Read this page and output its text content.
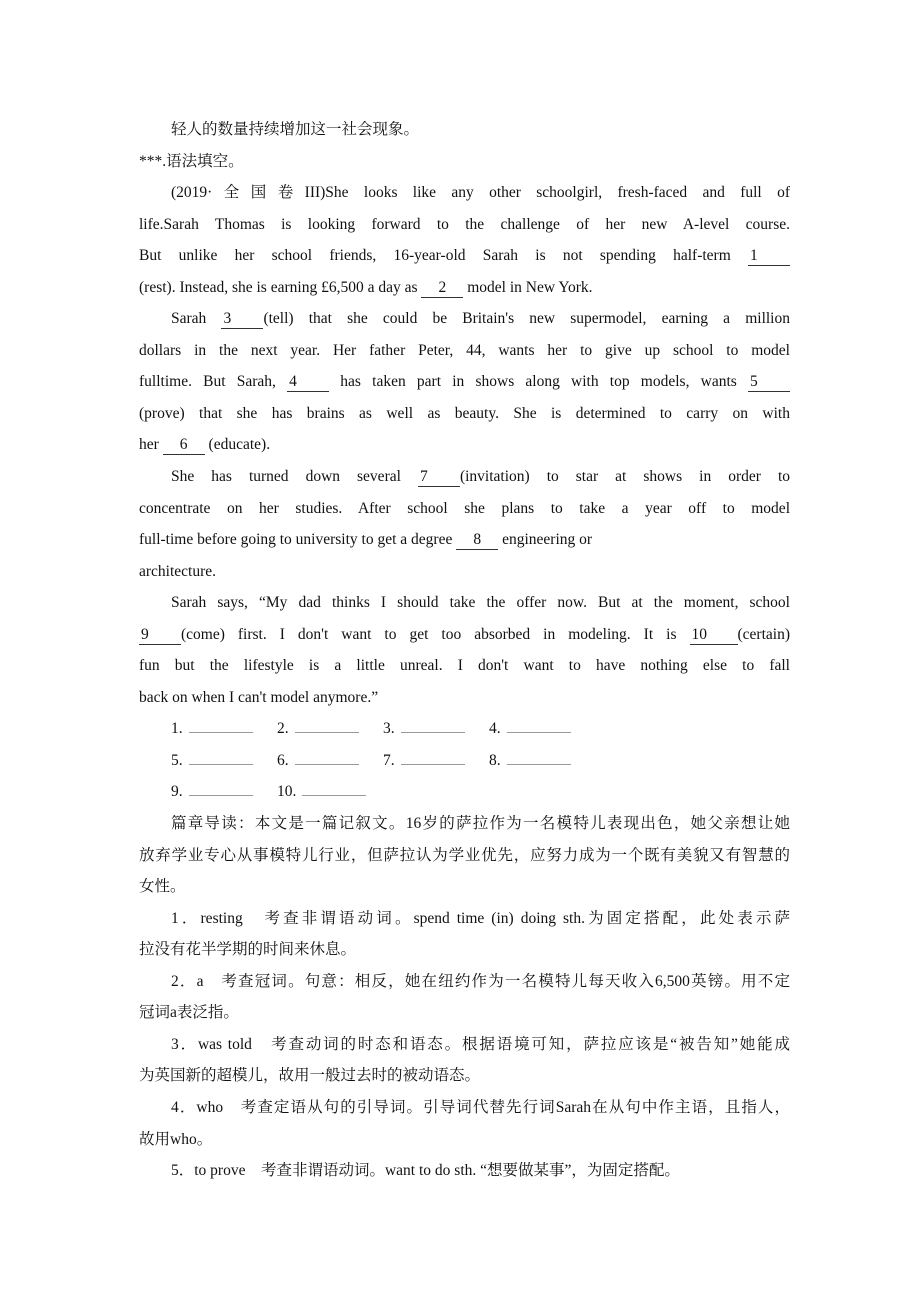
轻人的数量持续增加这一社会现象。
***.语法填空。
(2019·全国卷III)She looks like any other schoolgirl, fresh-faced and full of
life.Sarah Thomas is looking forward to the challenge of her new A-level course.
But unlike her school friends, 16-year-old Sarah is not spending half-term 1
(rest). Instead, she is earning £6,500 a day as 2 model in New York.
Sarah 3 (tell) that she could be Britain's new supermodel, earning a million
dollars in the next year. Her father Peter, 44, wants her to give up school to model
fulltime. But Sarah, 4 has taken part in shows along with top models, wants 5
(prove) that she has brains as well as beauty. She is determined to carry on with
her 6 (educate).
She has turned down several 7 (invitation) to star at shows in order to
concentrate on her studies. After school she plans to take a year off to model
full-time before going to university to get a degree 8 engineering or
architecture.
Sarah says, “My dad thinks I should take the offer now. But at the moment, school
9 (come) first. I don't want to get too absorbed in modeling. It is 10 (certain)
fun but the lifestyle is a little unreal. I don't want to have nothing else to fall
back on when I can't model anymore.”
1.	2.	3.	4.
5.	6.	7.	8.
9.	10.
篇章导读：本文是一篇记叙文。16岁的萨拉作为一名模特儿表现出色，她父亲想让她
放弃学业专心从事模特儿行业，但萨拉认为学业优先，应努力成为一个既有美貌又有智慧的
女性。
1．resting　考查非谓语动词。spend time (in) doing sth.为固定搭配，此处表示萨
拉没有花半学期的时间来休息。
2．a　考查冠词。句意：相反，她在纽约作为一名模特儿每天收入6,500英镑。用不定
冠词a表泛指。
3．was told　考查动词的时态和语态。根据语境可知，萨拉应该是“被告知”她能成
为英国新的超模儿，故用一般过去时的被动语态。
4．who　考查定语从句的引导词。引导词代替先行词Sarah在从句中作主语，且指人，
故用who。
5．to prove　考查非谓语动词。want to do sth. “想要做某事”，为固定搭配。
